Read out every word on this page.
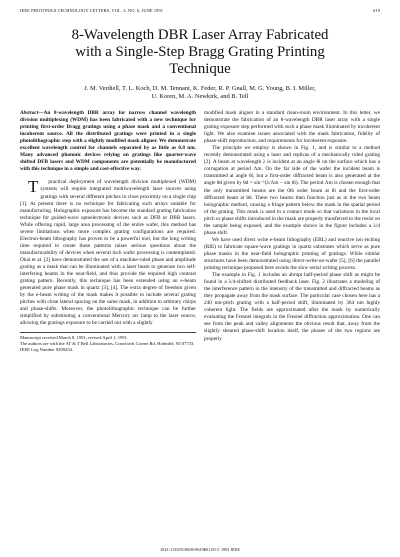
IEEE PHOTONICS TECHNOLOGY LETTERS, VOL. 3, NO. 6, JUNE 1991	619
8-Wavelength DBR Laser Array Fabricated
with a Single-Step Bragg Grating Printing
Technique
J. M. Verdiell, T. L. Koch, D. M. Tennant, K. Feder, R. P. Gnall, M. G. Young, B. I. Miller,
U. Koren, M. A. Newkirk, and B. Tell

Abstract—An 8-wavelength DBR array for narrow channel wavelength division multiplexing (WDM) has been fabricated with a new technique for printing first-order Bragg gratings using a phase mask and a conventional incoherent source. All the distributed gratings were printed in a single photolithographic step with a slightly modified mask aligner. We demonstrate excellent wavelength control for channels separated by as little as 0.8 nm. Many advanced photonic devices relying on gratings like quarter-wave shifted DFB lasers and WDM components are potentially be manufactured with this technique in a simple and cost-effective way.

T practical deployment of wavelength division multiplexed (WDM) systems will require integrated multiwavelength laser sources using gratings with several different pitches in close proximity on a single chip [1]. At present there is no technique for fabricating such arrays suitable for manufacturing. Holographic exposure has become the standard grating fabrication technique for guided-wave optoelectronic devices such as DFB or DBR lasers. While offering rapid, large area processing of the entire wafer, this method has severe limitations when more complex grating configurations are required. Electron-beam lithography has proven to be a powerful tool, but the long writing time required to create these patterns raises serious questions about the manufacturability of devices when several inch wafer processing is contemplated. Okai et al. [2] have demonstrated the use of a machine-ruled phase and amplitude grating as a mask that can be illuminated with a laser beam to generate two self-interfering beams in the near-field, and thus provide the required high contrast grating pattern. Recently, this technique has been extended using an e-beam generated pure phase mask in quartz [3], [4]. The extra degree of freedom given by the e-beam writing of the mask makes it possible to include several grating pitches with close lateral spacing on the same mask, in addition to arbitrary chirps and phase-shifts. Moreover, the photolithographic technique can be further simplified by substituting a conventional Mercury arc lamp to the laser source, allowing the gratings exposure to be carried out with a slightly

Manuscript received March 8, 1991; revised April 1, 1991.
The authors are with the AT & T Bell Laboratories, Crawfords Corner Rd, Holmdel, NJ 07733.
IEEE Log Number 9209434.

modified mask aligner in a standard clean-room environment. In this letter, we demonstrate the fabrication of an 8-wavelength DBR laser array with a single grating exposure step performed with such a phase mask illuminated by incoherent light. We also examine issues associated with the mask fabrication, fidelity of phase-shift reproduction, and requirements for incoherent exposure.

The principle we employ is shown in Fig. 1, and is similar to a method recently demonstrated using a laser and replicas of a mechanically ruled grating [2]. A beam at wavelength λ is incident at an angle θi on the surface which has a corrugation at period Λm. On the far side of the wafer the incident beam is transmitted at angle θi, but a first-order diffracted beam is also generated at the angle θd given by θd = sin⁻¹(λ/Λm − sin θi). The period Λm is chosen enough that the only transmitted beams are the 0th order beam at θi and the first-order diffracted beam at θd. These two beams then function just as in the two beam holographic method, causing a fringe pattern below the mask in the spatial period of the grating. This mask is used in a contact mode so that variations in the local pitch or phase shifts introduced in the mask are properly transferred to the resist on the sample being exposed, and the example shown in the figure includes a λ/4 phase shift.

We have used direct write e-beam lithography (EBL) and reactive ion etching (RIE) to fabricate square-wave gratings in quartz substrates which serve as pure phase masks in the near-field holographic printing of gratings. While similar structures have been demonstrated using direct-write-on-wafer [5], [6] the parallel printing technique proposed here avoids the slow serial writing process.

The example in Fig. 1 includes an abrupt half-period phase shift as might be found in a λ/4-shifted distributed feedback laser. Fig. 2 illustrates a modeling of the interference pattern in the intensity of the transmitted and diffracted beams as they propagate away from the mask surface. The particular case chosen here has a 240 nm-pitch grating with a half-period shift, illuminated by 364 nm highly coherent light. The fields are approximated after the mask by numerically evaluating the Fresnel integrals in the Fresnel diffraction approximation. One can see from the peak and valley alignments the obvious result that, away from the slightly sheared phase-shift location itself, the phases of the two regions are properly

1041-1135/91/0600-0619$01.00 © 1991 IEEE
